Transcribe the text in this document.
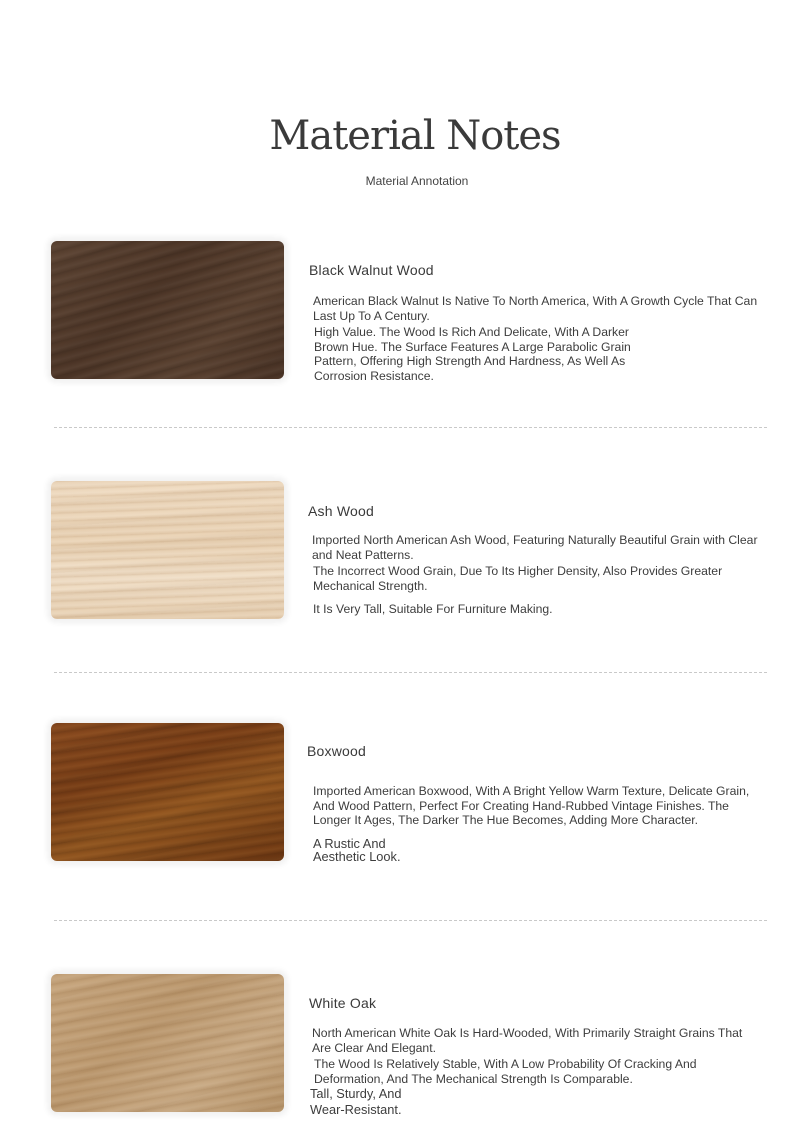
Material Notes
Material Annotation
Black Walnut Wood
American Black Walnut Is Native To North America, With A Growth Cycle That Can Last Up To A Century.
High Value. The Wood Is Rich And Delicate, With A Darker Brown Hue. The Surface Features A Large Parabolic Grain Pattern, Offering High Strength And Hardness, As Well As Corrosion Resistance.
Ash Wood
Imported North American Ash Wood, Featuring Naturally Beautiful Grain with Clear and Neat Patterns.
The Incorrect Wood Grain, Due To Its Higher Density, Also Provides Greater Mechanical Strength.
It Is Very Tall, Suitable For Furniture Making.
Boxwood
Imported American Boxwood, With A Bright Yellow Warm Texture, Delicate Grain, And Wood Pattern, Perfect For Creating Hand-Rubbed Vintage Finishes. The Longer It Ages, The Darker The Hue Becomes, Adding More Character.
A Rustic And Aesthetic Look.
White Oak
North American White Oak Is Hard-Wooded, With Primarily Straight Grains That Are Clear And Elegant.
The Wood Is Relatively Stable, With A Low Probability Of Cracking And Deformation, And The Mechanical Strength Is Comparable.
Tall, Sturdy, And Wear-Resistant.
